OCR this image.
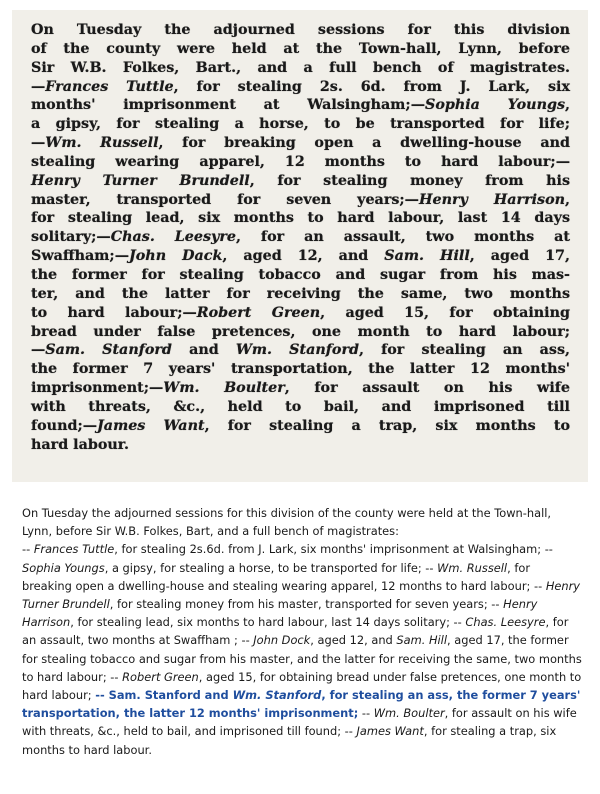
On Tuesday the adjourned sessions for this division
of the county were held at the Town-hall, Lynn, before
Sir W.B. Folkes, Bart., and a full bench of magistrates.
—Frances Tuttle, for stealing 2s. 6d. from J. Lark, six
months' imprisonment at Walsingham;—Sophia Youngs,
a gipsy, for stealing a horse, to be transported for life;
—Wm. Russell, for breaking open a dwelling-house and
stealing wearing apparel, 12 months to hard labour;—
Henry Turner Brundell, for stealing money from his
master, transported for seven years;—Henry Harrison,
for stealing lead, six months to hard labour, last 14 days
solitary;—Chas. Leesyre, for an assault, two months at
Swaffham;—John Dack, aged 12, and Sam. Hill, aged 17,
the former for stealing tobacco and sugar from his mas-
ter, and the latter for receiving the same, two months
to hard labour;—Robert Green, aged 15, for obtaining
bread under false pretences, one month to hard labour;
—Sam. Stanford and Wm. Stanford, for stealing an ass,
the former 7 years' transportation, the latter 12 months'
imprisonment;—Wm. Boulter, for assault on his wife
with threats, &c., held to bail, and imprisoned till
found;—James Want, for stealing a trap, six months to
hard labour.

On Tuesday the adjourned sessions for this division of the county were held at the Town-hall, Lynn, before Sir W.B. Folkes, Bart, and a full bench of magistrates:

-- Frances Tuttle, for stealing 2s.6d. from J. Lark, six months' imprisonment at Walsingham; -- Sophia Youngs, a gipsy, for stealing a horse, to be transported for life; -- Wm. Russell, for breaking open a dwelling-house and stealing wearing apparel, 12 months to hard labour; -- Henry Turner Brundell, for stealing money from his master, transported for seven years; -- Henry Harrison, for stealing lead, six months to hard labour, last 14 days solitary; -- Chas. Leesyre, for an assault, two months at Swaffham ; -- John Dock, aged 12, and Sam. Hill, aged 17, the former for stealing tobacco and sugar from his master, and the latter for receiving the same, two months to hard labour; -- Robert Green, aged 15, for obtaining bread under false pretences, one month to hard labour; -- Sam. Stanford and Wm. Stanford, for stealing an ass, the former 7 years' transportation, the latter 12 months' imprisonment; -- Wm. Boulter, for assault on his wife with threats, &c., held to bail, and imprisoned till found; -- James Want, for stealing a trap, six months to hard labour.
